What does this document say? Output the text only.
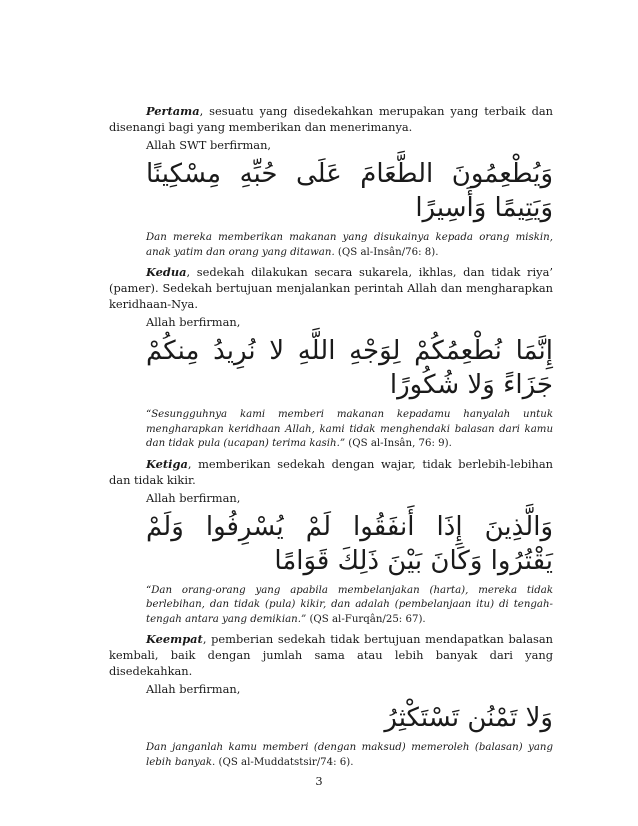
Pertama, sesuatu yang disedekahkan merupakan yang terbaik dan disenangi bagi yang memberikan dan menerimanya.

Allah SWT berfirman,

وَيُطْعِمُونَ الطَّعَامَ عَلَى حُبِّهِ مِسْكِينًا وَيَتِيمًا وَأَسِيرًا

Dan mereka memberikan makanan yang disukainya kepada orang miskin, anak yatim dan orang yang ditawan. (QS al-Insân/76: 8).

Kedua, sedekah dilakukan secara sukarela, ikhlas, dan tidak riya’ (pamer). Sedekah bertujuan menjalankan perintah Allah dan mengharapkan keridhaan-Nya.

Allah berfirman,

إِنَّمَا نُطْعِمُكُمْ لِوَجْهِ اللَّهِ لا نُرِيدُ مِنكُمْ جَزَاءً وَلا شُكُورًا

“Sesungguhnya kami memberi makanan kepadamu hanyalah untuk mengharapkan keridhaan Allah, kami tidak menghendaki balasan dari kamu dan tidak pula (ucapan) terima kasih.” (QS al-Insân, 76: 9).

Ketiga, memberikan sedekah dengan wajar, tidak berlebih-lebihan dan tidak kikir.

Allah berfirman,

وَالَّذِينَ إِذَا أَنفَقُوا لَمْ يُسْرِفُوا وَلَمْ يَقْتُرُوا وَكَانَ بَيْنَ ذَلِكَ قَوَامًا

“Dan orang-orang yang apabila membelanjakan (harta), mereka tidak berlebihan, dan tidak (pula) kikir, dan adalah (pembelanjaan itu) di tengah-tengah antara yang demikian.” (QS al-Furqân/25: 67).

Keempat, pemberian sedekah tidak bertujuan mendapatkan balasan kembali, baik dengan jumlah sama atau lebih banyak dari yang disedekahkan.

Allah berfirman,

وَلا تَمْنُن تَسْتَكْثِرُ

Dan janganlah kamu memberi (dengan maksud) memeroleh (balasan) yang lebih banyak. (QS al-Muddatstsir/74: 6).

3
